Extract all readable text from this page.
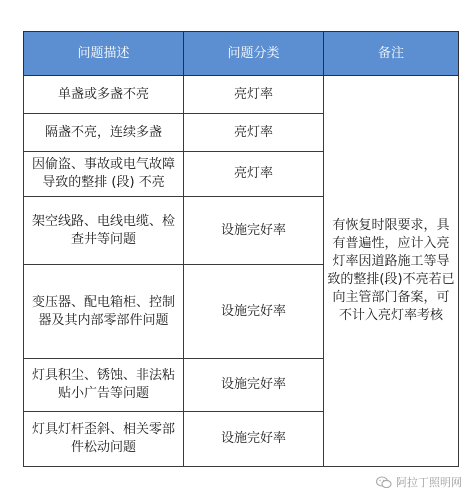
问题描述	问题分类	备注
单盏或多盏不亮	亮灯率	有恢复时限要求，具有普遍性，应计入亮灯率因道路施工等导致的整排(段)不亮若已向主管部门备案，可不计入亮灯率考核
隔盏不亮，连续多盏	亮灯率	
因偷盗、事故或电气故障导致的整排 (段) 不亮	亮灯率	
架空线路、电线电缆、检查井等问题	设施完好率	
变压器、配电箱柜、控制器及其内部零部件问题	设施完好率	
灯具积尘、锈蚀、非法粘贴小广告等问题	设施完好率	
灯具灯杆歪斜、相关零部件松动问题	设施完好率	
阿拉丁照明网
